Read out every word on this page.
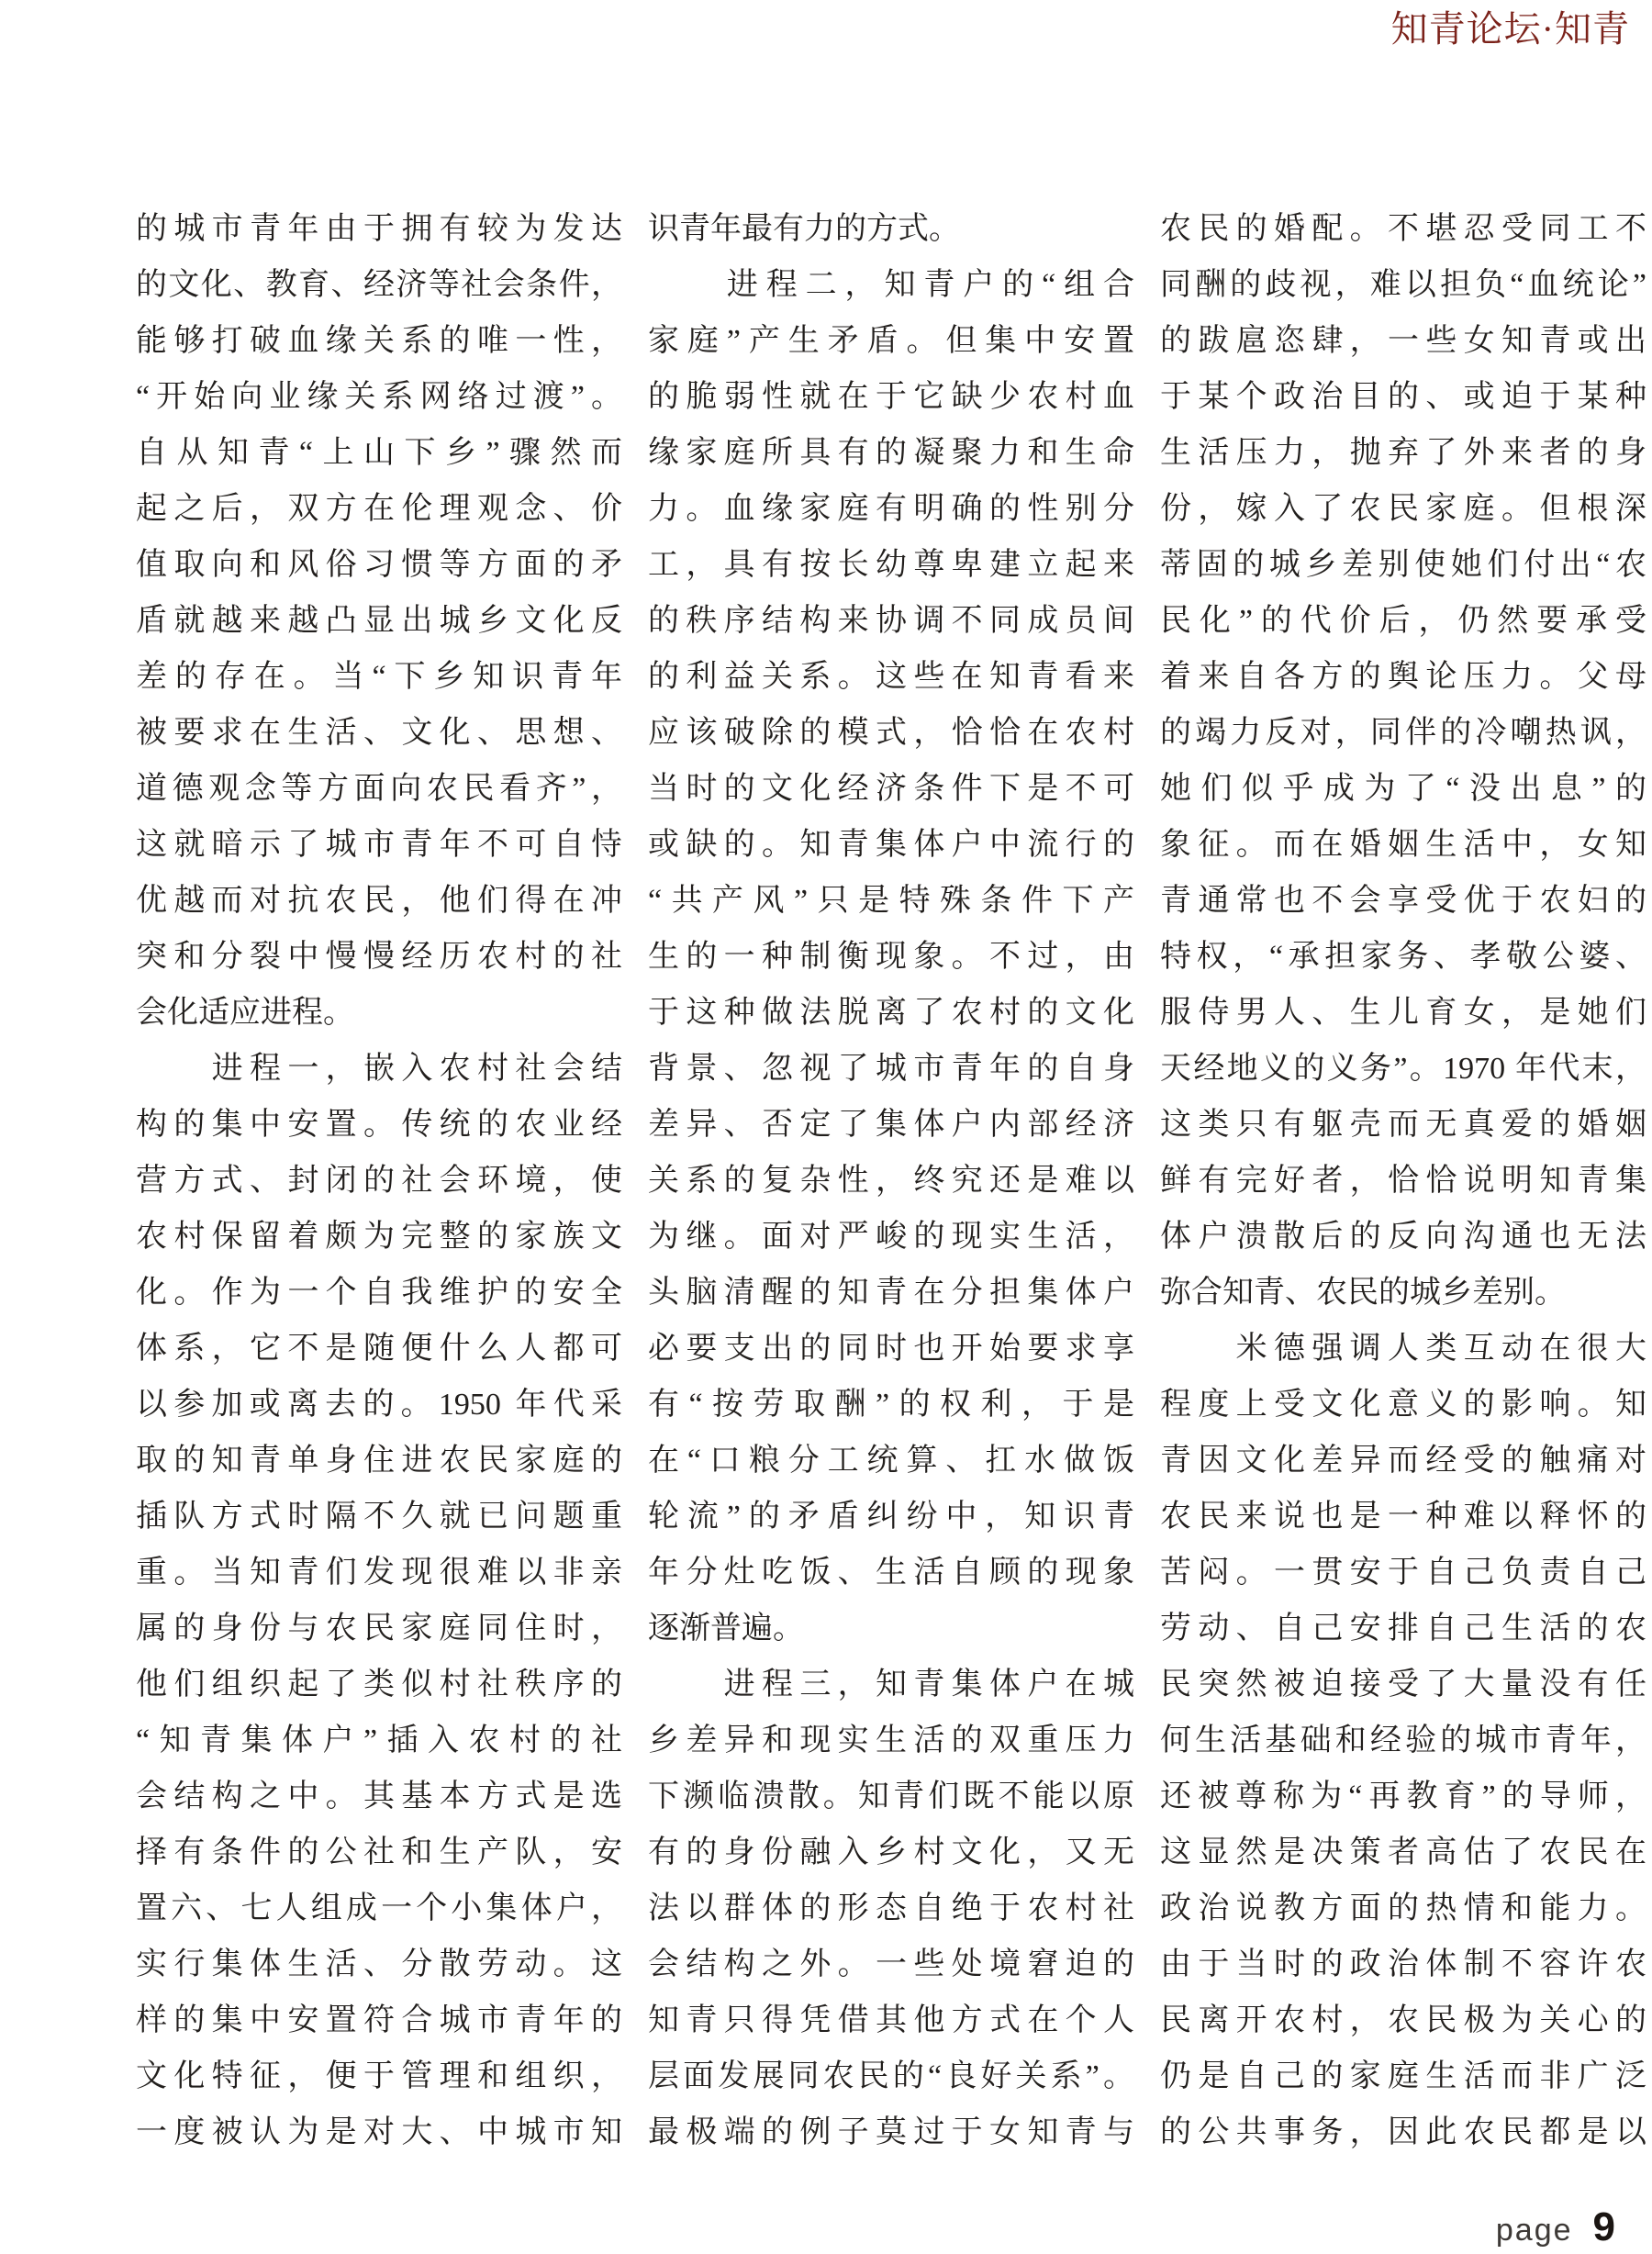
知青论坛·知青
的城市青年由于拥有较为发达
的文化、教育、经济等社会条件，
能够打破血缘关系的唯一性，
“开始向业缘关系网络过渡”。
自从知青“上山下乡”骤然而
起之后，双方在伦理观念、价
值取向和风俗习惯等方面的矛
盾就越来越凸显出城乡文化反
差的存在。当“下乡知识青年
被要求在生活、文化、思想、
道德观念等方面向农民看齐”，
这就暗示了城市青年不可自恃
优越而对抗农民，他们得在冲
突和分裂中慢慢经历农村的社
会化适应进程。
　　进程一，嵌入农村社会结
构的集中安置。传统的农业经
营方式、封闭的社会环境，使
农村保留着颇为完整的家族文
化。作为一个自我维护的安全
体系，它不是随便什么人都可
以参加或离去的。1950 年代采
取的知青单身住进农民家庭的
插队方式时隔不久就已问题重
重。当知青们发现很难以非亲
属的身份与农民家庭同住时，
他们组织起了类似村社秩序的
“知青集体户”插入农村的社
会结构之中。其基本方式是选
择有条件的公社和生产队，安
置六、七人组成一个小集体户，
实行集体生活、分散劳动。这
样的集中安置符合城市青年的
文化特征，便于管理和组织，
一度被认为是对大、中城市知
识青年最有力的方式。
　　进程二，知青户的“组合
家庭”产生矛盾。但集中安置
的脆弱性就在于它缺少农村血
缘家庭所具有的凝聚力和生命
力。血缘家庭有明确的性别分
工，具有按长幼尊卑建立起来
的秩序结构来协调不同成员间
的利益关系。这些在知青看来
应该破除的模式，恰恰在农村
当时的文化经济条件下是不可
或缺的。知青集体户中流行的
“共产风”只是特殊条件下产
生的一种制衡现象。不过，由
于这种做法脱离了农村的文化
背景、忽视了城市青年的自身
差异、否定了集体户内部经济
关系的复杂性，终究还是难以
为继。面对严峻的现实生活，
头脑清醒的知青在分担集体户
必要支出的同时也开始要求享
有“按劳取酬”的权利，于是
在“口粮分工统算、扛水做饭
轮流”的矛盾纠纷中，知识青
年分灶吃饭、生活自顾的现象
逐渐普遍。
　　进程三，知青集体户在城
乡差异和现实生活的双重压力
下濒临溃散。知青们既不能以原
有的身份融入乡村文化，又无
法以群体的形态自绝于农村社
会结构之外。一些处境窘迫的
知青只得凭借其他方式在个人
层面发展同农民的“良好关系”。
最极端的例子莫过于女知青与
农民的婚配。不堪忍受同工不
同酬的歧视，难以担负“血统论”
的跋扈恣肆，一些女知青或出
于某个政治目的、或迫于某种
生活压力，抛弃了外来者的身
份，嫁入了农民家庭。但根深
蒂固的城乡差别使她们付出“农
民化”的代价后，仍然要承受
着来自各方的舆论压力。父母
的竭力反对，同伴的冷嘲热讽，
她们似乎成为了“没出息”的
象征。而在婚姻生活中，女知
青通常也不会享受优于农妇的
特权，“承担家务、孝敬公婆、
服侍男人、生儿育女，是她们
天经地义的义务”。1970 年代末，
这类只有躯壳而无真爱的婚姻
鲜有完好者，恰恰说明知青集
体户溃散后的反向沟通也无法
弥合知青、农民的城乡差别。
　　米德强调人类互动在很大
程度上受文化意义的影响。知
青因文化差异而经受的触痛对
农民来说也是一种难以释怀的
苦闷。一贯安于自己负责自己
劳动、自己安排自己生活的农
民突然被迫接受了大量没有任
何生活基础和经验的城市青年，
还被尊称为“再教育”的导师，
这显然是决策者高估了农民在
政治说教方面的热情和能力。
由于当时的政治体制不容许农
民离开农村，农民极为关心的
仍是自己的家庭生活而非广泛
的公共事务，因此农民都是以
page 9
